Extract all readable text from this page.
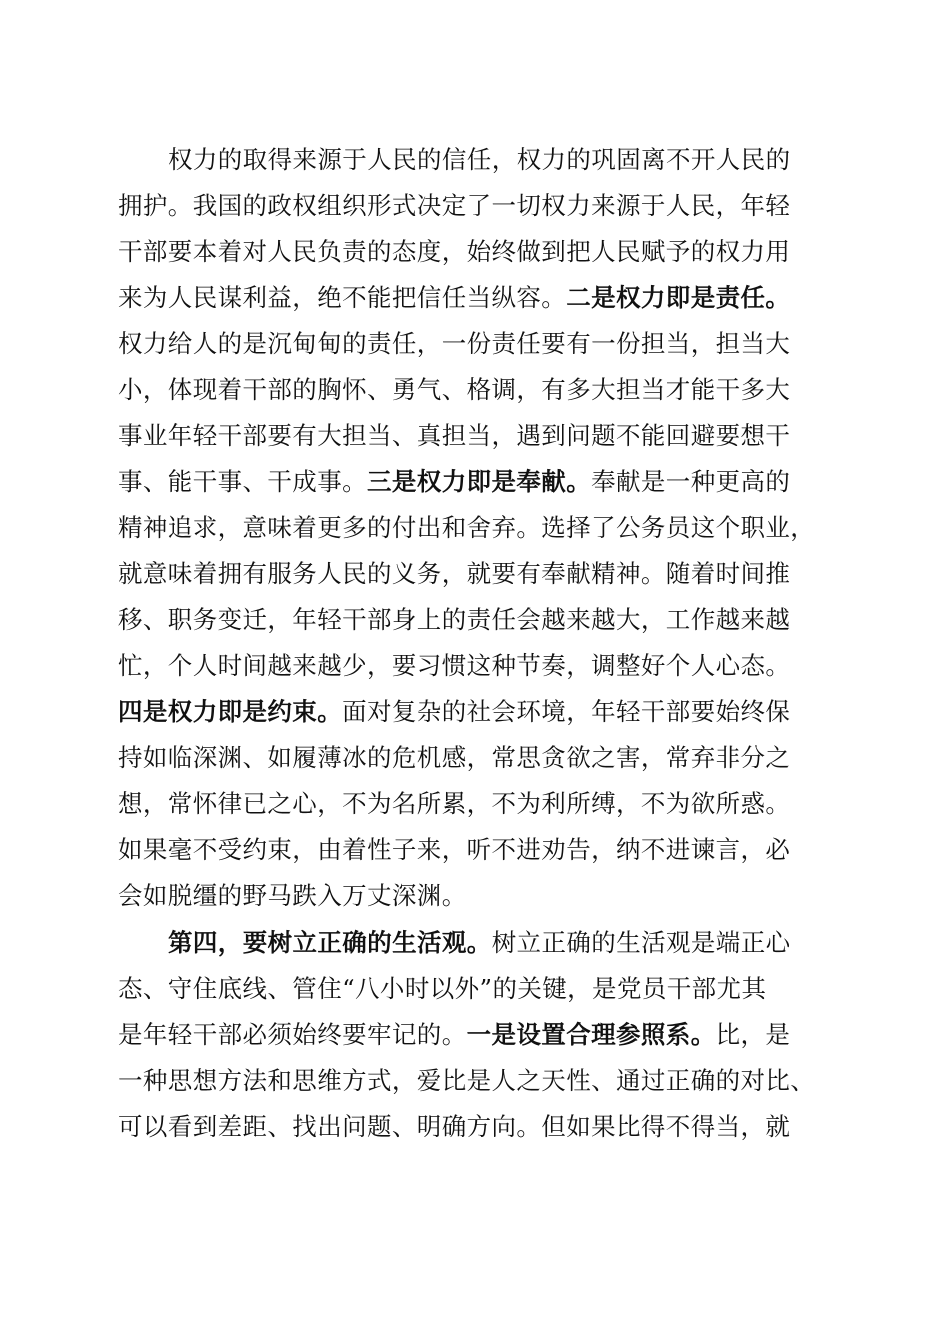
权力的取得来源于人民的信任，权力的巩固离不开人民的
拥护。我国的政权组织形式决定了一切权力来源于人民，年轻
干部要本着对人民负责的态度，始终做到把人民赋予的权力用
来为人民谋利益，绝不能把信任当纵容。二是权力即是责任。
权力给人的是沉甸甸的责任，一份责任要有一份担当，担当大
小，体现着干部的胸怀、勇气、格调，有多大担当才能干多大
事业年轻干部要有大担当、真担当，遇到问题不能回避要想干
事、能干事、干成事。三是权力即是奉献。奉献是一种更高的
精神追求，意味着更多的付出和舍弃。选择了公务员这个职业，
就意味着拥有服务人民的义务，就要有奉献精神。随着时间推
移、职务变迁，年轻干部身上的责任会越来越大，工作越来越
忙，个人时间越来越少，要习惯这种节奏，调整好个人心态。
四是权力即是约束。面对复杂的社会环境，年轻干部要始终保
持如临深渊、如履薄冰的危机感，常思贪欲之害，常弃非分之
想，常怀律已之心，不为名所累，不为利所缚，不为欲所惑。
如果毫不受约束，由着性子来，听不进劝告，纳不进谏言，必
会如脱缰的野马跌入万丈深渊。
第四，要树立正确的生活观。树立正确的生活观是端正心
态、守住底线、管住“八小时以外”的关键，是党员干部尤其
是年轻干部必须始终要牢记的。一是设置合理参照系。比，是
一种思想方法和思维方式，爱比是人之天性、通过正确的对比、
可以看到差距、找出问题、明确方向。但如果比得不得当，就
